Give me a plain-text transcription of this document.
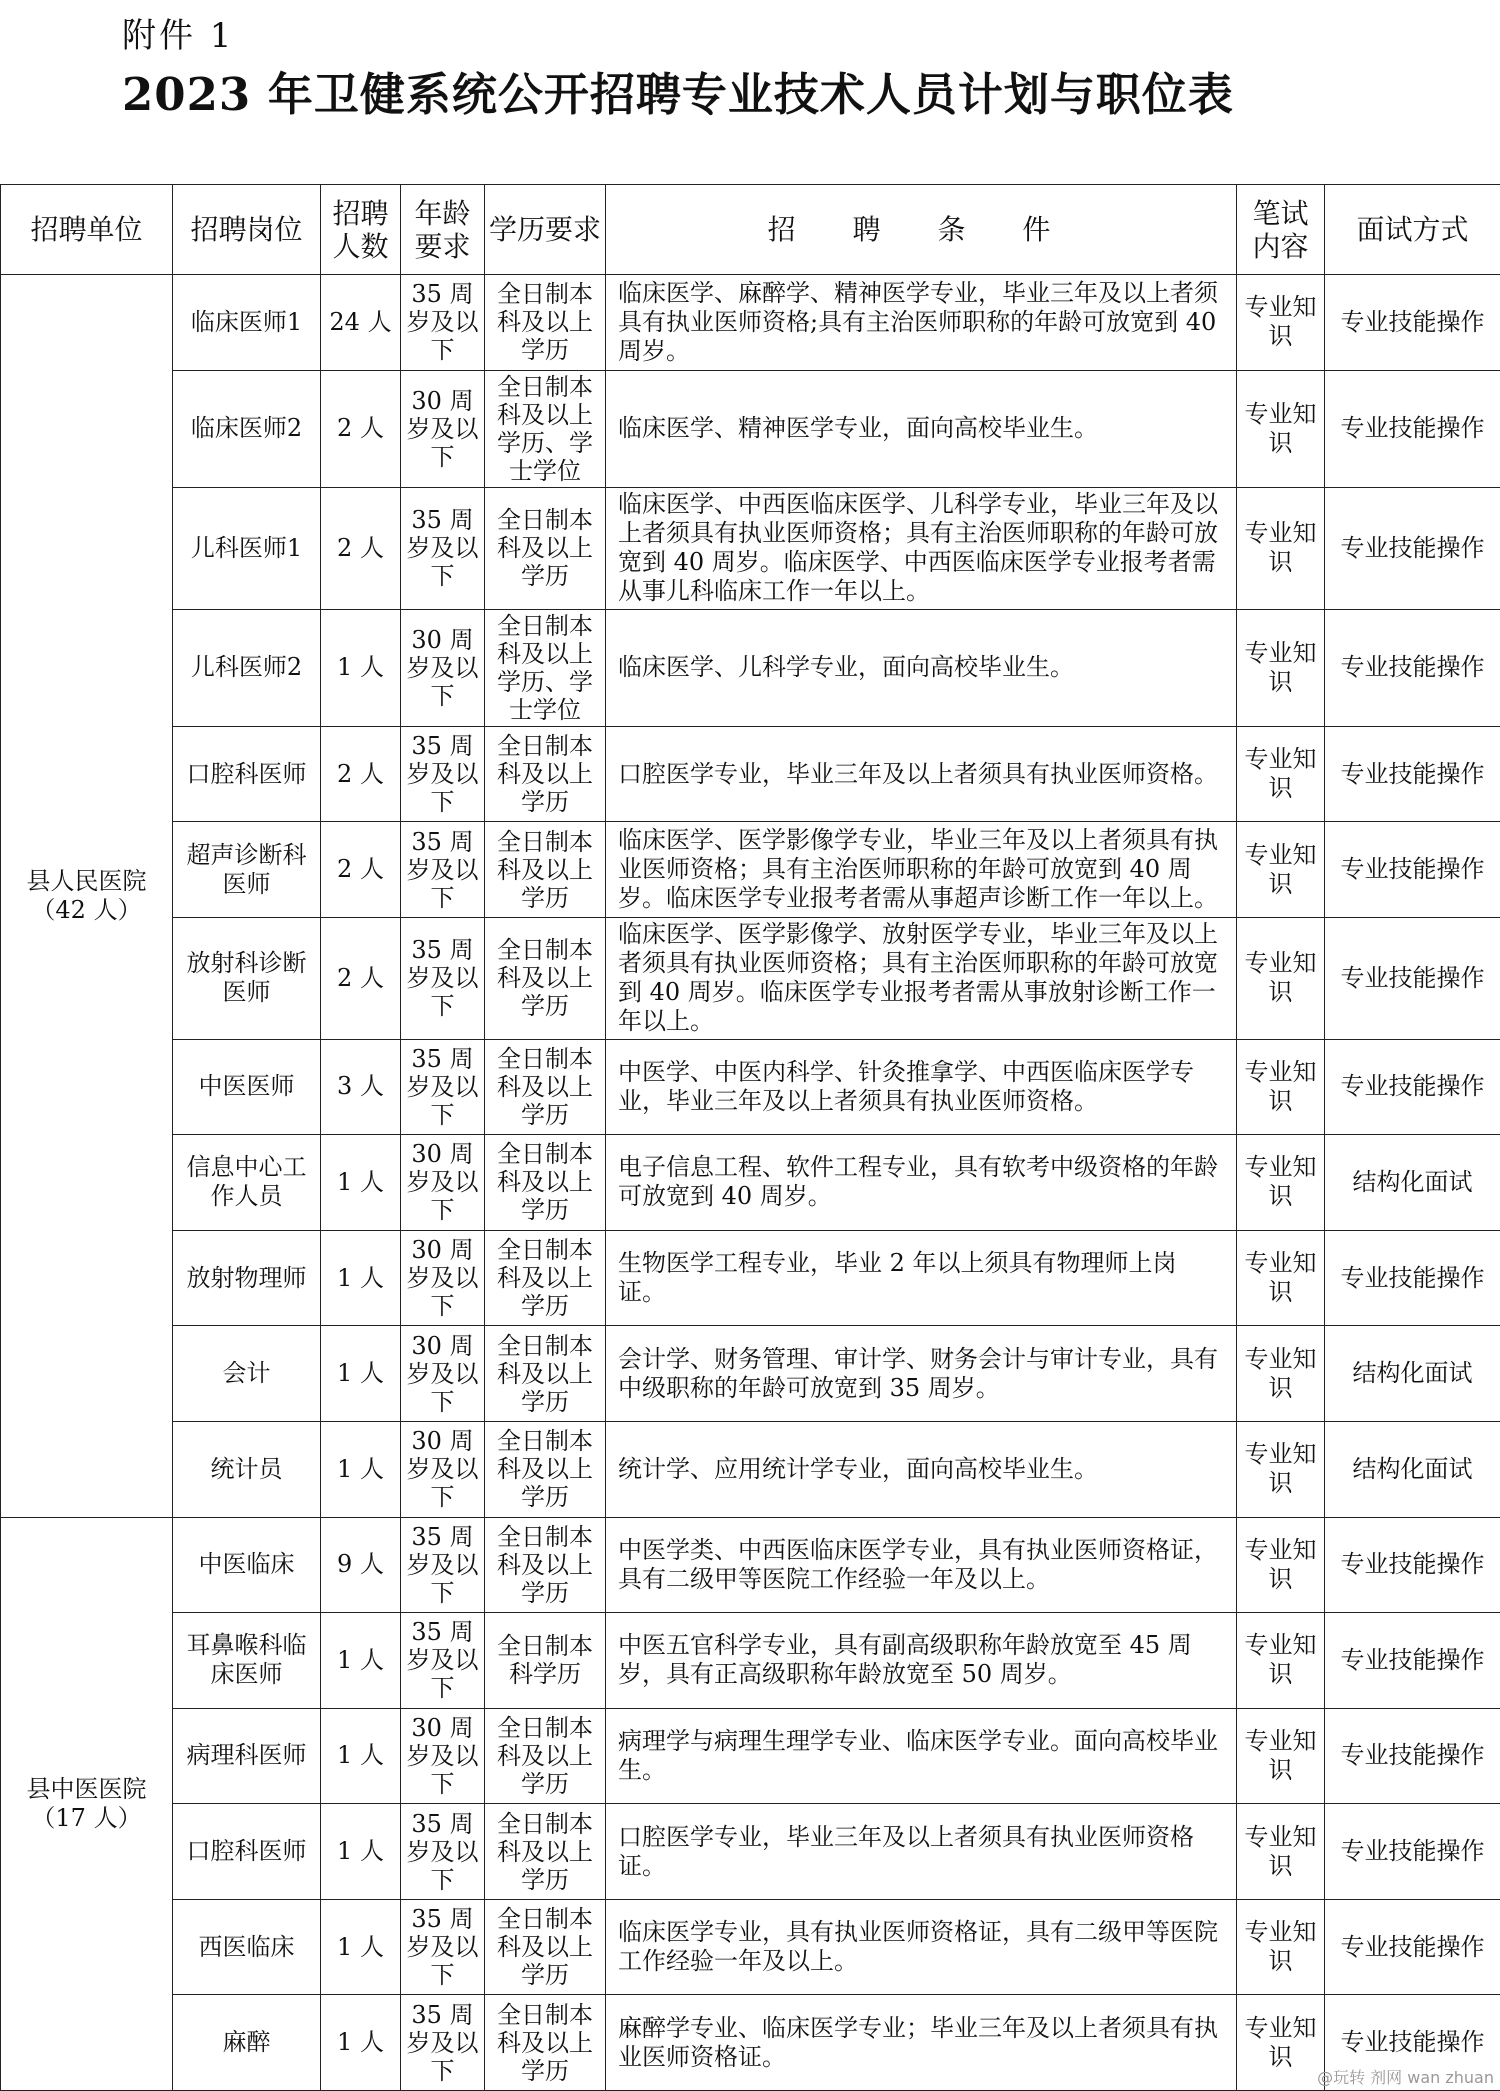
附件 1
2023 年卫健系统公开招聘专业技术人员计划与职位表
招聘单位	招聘岗位	招聘人数	年龄要求	学历要求	招 聘 条 件	笔试内容	面试方式
县人民医院（42 人）	临床医师1	24 人	35 周岁及以下	全日制本科及以上学历	临床医学、麻醉学、精神医学专业，毕业三年及以上者须具有执业医师资格;具有主治医师职称的年龄可放宽到 40 周岁。	专业知识	专业技能操作
	临床医师2	2 人	30 周岁及以下	全日制本科及以上学历、学士学位	临床医学、精神医学专业，面向高校毕业生。	专业知识	专业技能操作
	儿科医师1	2 人	35 周岁及以下	全日制本科及以上学历	临床医学、中西医临床医学、儿科学专业，毕业三年及以上者须具有执业医师资格；具有主治医师职称的年龄可放宽到 40 周岁。临床医学、中西医临床医学专业报考者需从事儿科临床工作一年以上。	专业知识	专业技能操作
	儿科医师2	1 人	30 周岁及以下	全日制本科及以上学历、学士学位	临床医学、儿科学专业，面向高校毕业生。	专业知识	专业技能操作
	口腔科医师	2 人	35 周岁及以下	全日制本科及以上学历	口腔医学专业，毕业三年及以上者须具有执业医师资格。	专业知识	专业技能操作
	超声诊断科医师	2 人	35 周岁及以下	全日制本科及以上学历	临床医学、医学影像学专业，毕业三年及以上者须具有执业医师资格；具有主治医师职称的年龄可放宽到 40 周岁。临床医学专业报考者需从事超声诊断工作一年以上。	专业知识	专业技能操作
	放射科诊断医师	2 人	35 周岁及以下	全日制本科及以上学历	临床医学、医学影像学、放射医学专业，毕业三年及以上者须具有执业医师资格；具有主治医师职称的年龄可放宽到 40 周岁。临床医学专业报考者需从事放射诊断工作一年以上。	专业知识	专业技能操作
	中医医师	3 人	35 周岁及以下	全日制本科及以上学历	中医学、中医内科学、针灸推拿学、中西医临床医学专业，毕业三年及以上者须具有执业医师资格。	专业知识	专业技能操作
	信息中心工作人员	1 人	30 周岁及以下	全日制本科及以上学历	电子信息工程、软件工程专业，具有软考中级资格的年龄可放宽到 40 周岁。	专业知识	结构化面试
	放射物理师	1 人	30 周岁及以下	全日制本科及以上学历	生物医学工程专业，毕业 2 年以上须具有物理师上岗证。	专业知识	专业技能操作
	会计	1 人	30 周岁及以下	全日制本科及以上学历	会计学、财务管理、审计学、财务会计与审计专业，具有中级职称的年龄可放宽到 35 周岁。	专业知识	结构化面试
	统计员	1 人	30 周岁及以下	全日制本科及以上学历	统计学、应用统计学专业，面向高校毕业生。	专业知识	结构化面试
县中医医院（17 人）	中医临床	9 人	35 周岁及以下	全日制本科及以上学历	中医学类、中西医临床医学专业，具有执业医师资格证，具有二级甲等医院工作经验一年及以上。	专业知识	专业技能操作
	耳鼻喉科临床医师	1 人	35 周岁及以下	全日制本科学历	中医五官科学专业，具有副高级职称年龄放宽至 45 周岁，具有正高级职称年龄放宽至 50 周岁。	专业知识	专业技能操作
	病理科医师	1 人	30 周岁及以下	全日制本科及以上学历	病理学与病理生理学专业、临床医学专业。面向高校毕业生。	专业知识	专业技能操作
	口腔科医师	1 人	35 周岁及以下	全日制本科及以上学历	口腔医学专业，毕业三年及以上者须具有执业医师资格证。	专业知识	专业技能操作
	西医临床	1 人	35 周岁及以下	全日制本科及以上学历	临床医学专业，具有执业医师资格证，具有二级甲等医院工作经验一年及以上。	专业知识	专业技能操作
	麻醉	1 人	35 周岁及以下	全日制本科及以上学历	麻醉学专业、临床医学专业；毕业三年及以上者须具有执业医师资格证。	专业知识	专业技能操作
@玩转 剂网 wan zhuan
